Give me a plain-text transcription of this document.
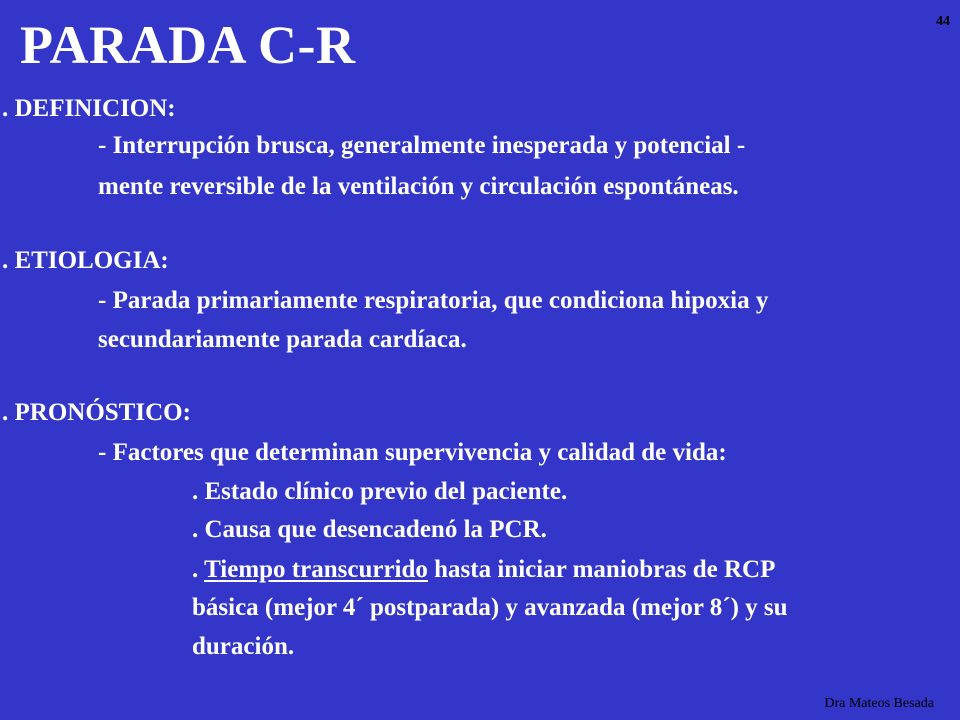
PARADA C-R	44
. DEFINICION:
- Interrupción brusca, generalmente inesperada y potencial -
mente reversible de la ventilación y circulación espontáneas.
. ETIOLOGIA:
- Parada primariamente respiratoria, que condiciona hipoxia y
secundariamente parada cardíaca.
. PRONÓSTICO:
- Factores que determinan supervivencia y calidad de vida:
. Estado clínico previo del paciente.
. Causa que desencadenó la PCR.
. Tiempo transcurrido hasta iniciar maniobras de RCP
básica (mejor 4´ postparada) y avanzada (mejor 8´) y su
duración.
Dra Mateos Besada
